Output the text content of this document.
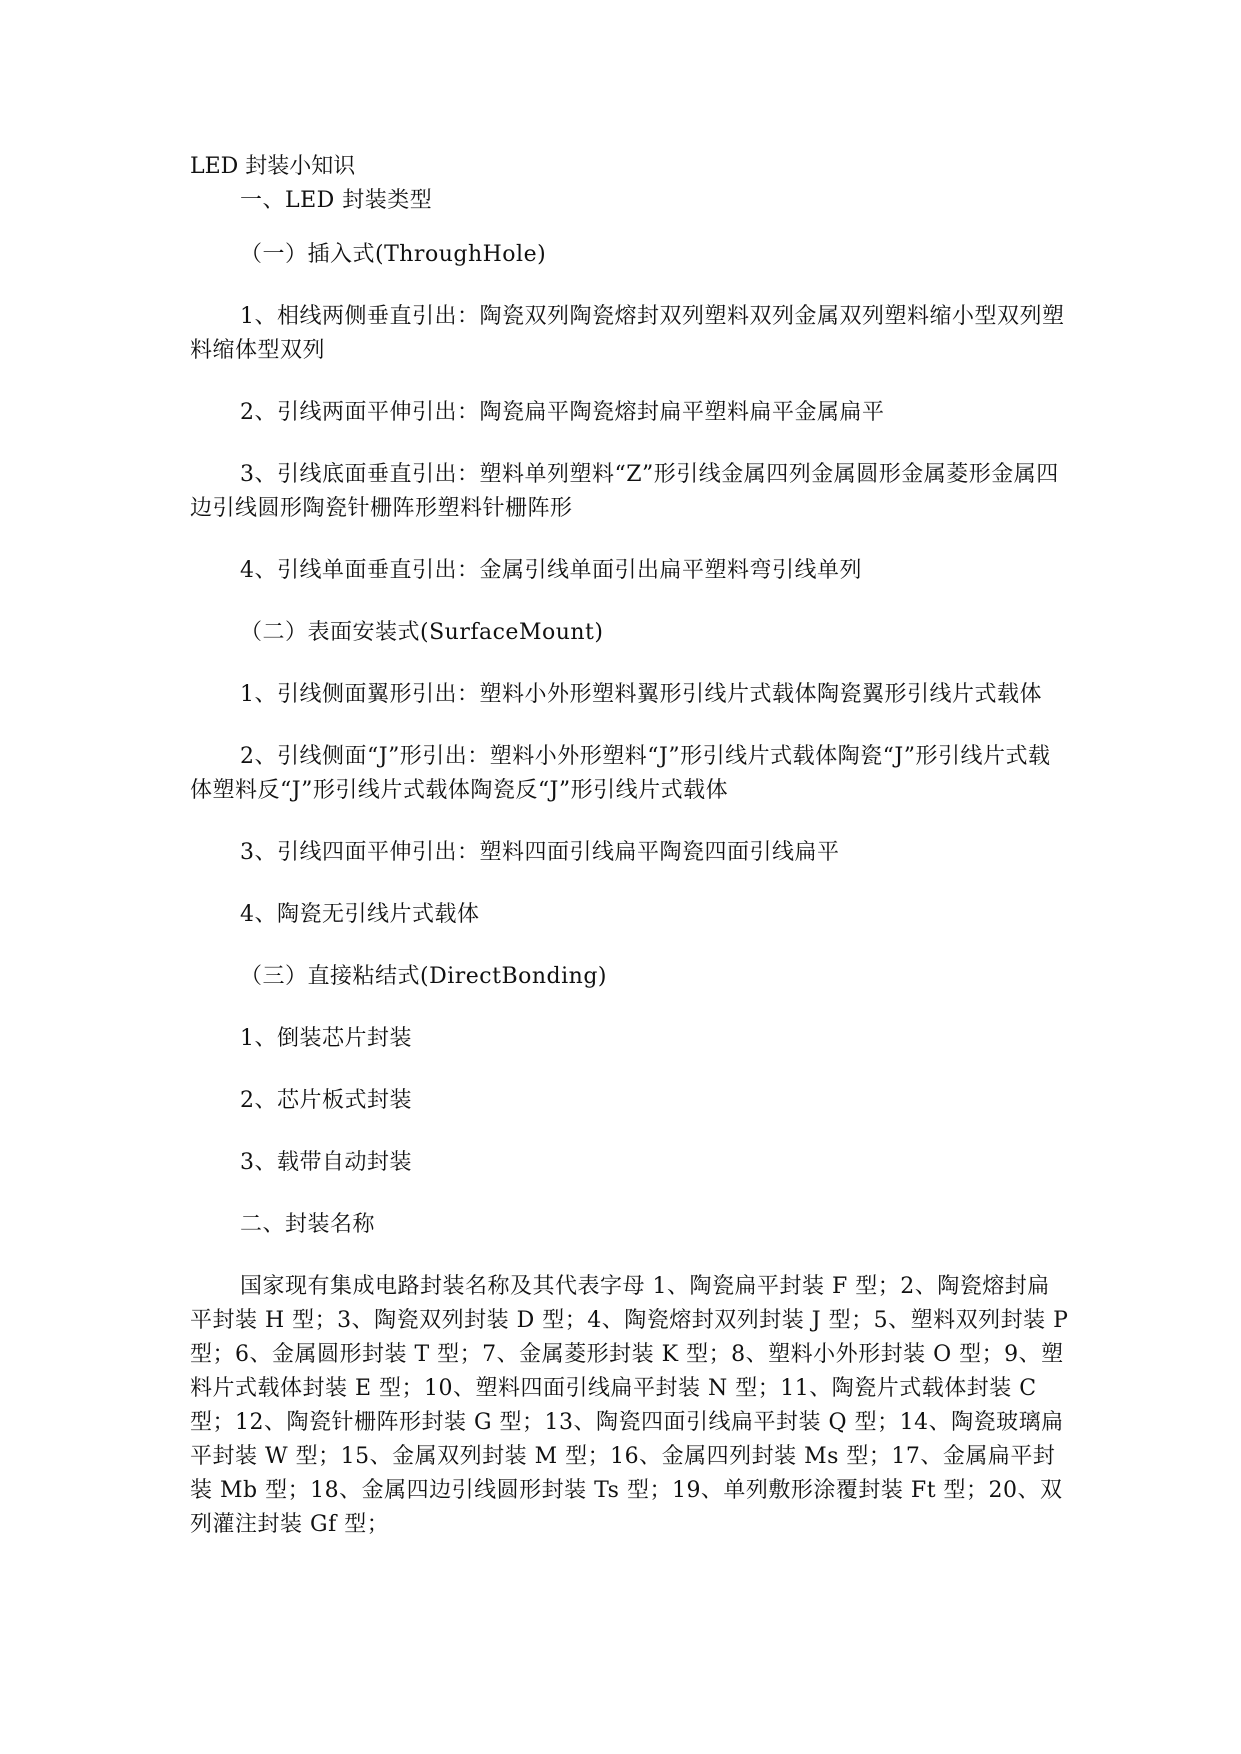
LED 封装小知识

一、LED 封装类型

（一）插入式(ThroughHole)

1、相线两侧垂直引出：陶瓷双列陶瓷熔封双列塑料双列金属双列塑料缩小型双列塑料缩体型双列

2、引线两面平伸引出：陶瓷扁平陶瓷熔封扁平塑料扁平金属扁平

3、引线底面垂直引出：塑料单列塑料“Z”形引线金属四列金属圆形金属菱形金属四边引线圆形陶瓷针栅阵形塑料针栅阵形

4、引线单面垂直引出：金属引线单面引出扁平塑料弯引线单列

（二）表面安装式(SurfaceMount)

1、引线侧面翼形引出：塑料小外形塑料翼形引线片式载体陶瓷翼形引线片式载体

2、引线侧面“J”形引出：塑料小外形塑料“J”形引线片式载体陶瓷“J”形引线片式载体塑料反“J”形引线片式载体陶瓷反“J”形引线片式载体

3、引线四面平伸引出：塑料四面引线扁平陶瓷四面引线扁平

4、陶瓷无引线片式载体

（三）直接粘结式(DirectBonding)

1、倒装芯片封装

2、芯片板式封装

3、载带自动封装

二、封装名称

国家现有集成电路封装名称及其代表字母 1、陶瓷扁平封装 F 型；2、陶瓷熔封扁平封装 H 型；3、陶瓷双列封装 D 型；4、陶瓷熔封双列封装 J 型；5、塑料双列封装 P 型；6、金属圆形封装 T 型；7、金属菱形封装 K 型；8、塑料小外形封装 O 型；9、塑料片式载体封装 E 型；10、塑料四面引线扁平封装 N 型；11、陶瓷片式载体封装 C 型；12、陶瓷针栅阵形封装 G 型；13、陶瓷四面引线扁平封装 Q 型；14、陶瓷玻璃扁平封装 W 型；15、金属双列封装 M 型；16、金属四列封装 Ms 型；17、金属扁平封装 Mb 型；18、金属四边引线圆形封装 Ts 型；19、单列敷形涂覆封装 Ft 型；20、双列灌注封装 Gf 型；
